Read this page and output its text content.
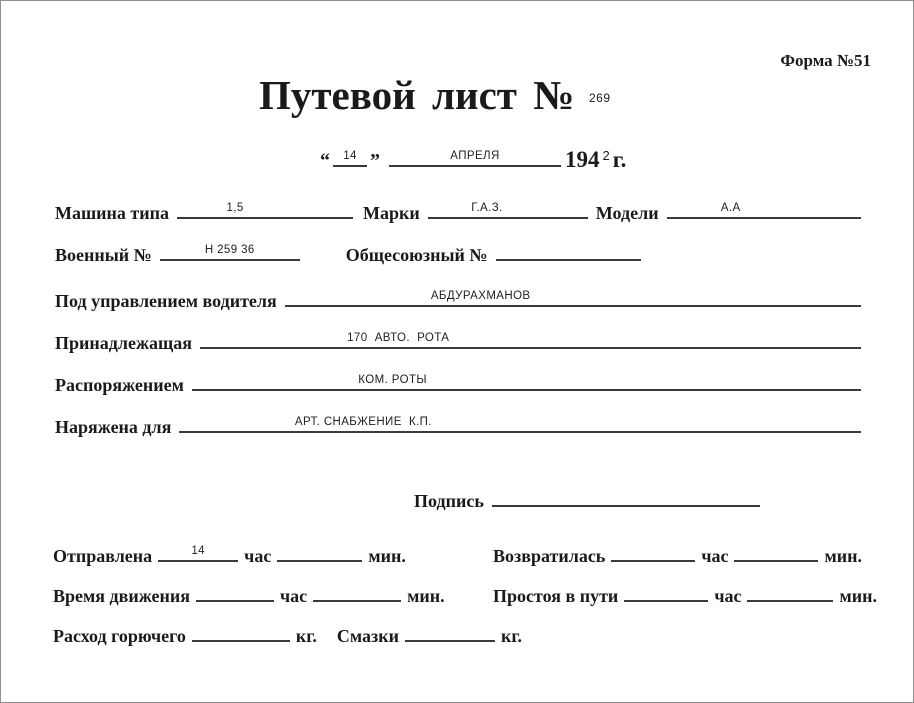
Форма №51
Путевой лист № 269
“ 14 ”	АПРЕЛЯ	194 2 г.
Машина типа	1,5	Марки	Г.А.З.	Модели	А.А
Военный №	Н 259 36	Общесоюзный №
Под управлением водителя	АБДУРАХМАНОВ
Принадлежащая	170  АВТО.  РОТА
Распоряжением	КОМ. РОТЫ
Наряжена для	АРТ. СНАБЖЕНИЕ  К.П.
Подпись
Отправлена	14 час	мин.	Возвратилась	час	мин.
Время движения	час	мин.	Простоя в пути	час	мин.
Расход горючего	кг. Смазки	кг.
